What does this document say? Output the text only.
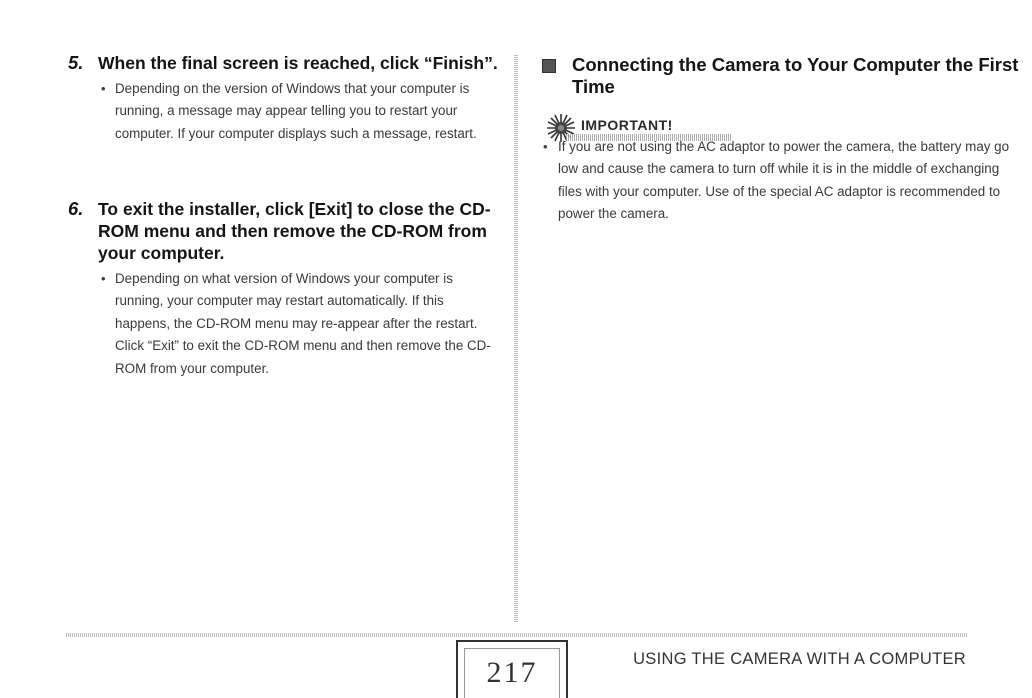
5. When the final screen is reached, click “Finish”.
• Depending on the version of Windows that your computer is running, a message may appear telling you to restart your computer. If your computer displays such a message, restart.
6. To exit the installer, click [Exit] to close the CD-ROM menu and then remove the CD-ROM from your computer.
• Depending on what version of Windows your computer is running, your computer may restart automatically. If this happens, the CD-ROM menu may re-appear after the restart. Click “Exit” to exit the CD-ROM menu and then remove the CD-ROM from your computer.
Connecting the Camera to Your Computer the First Time
IMPORTANT!
• If you are not using the AC adaptor to power the camera, the battery may go low and cause the camera to turn off while it is in the middle of exchanging files with your computer. Use of the special AC adaptor is recommended to power the camera.
217	USING THE CAMERA WITH A COMPUTER
